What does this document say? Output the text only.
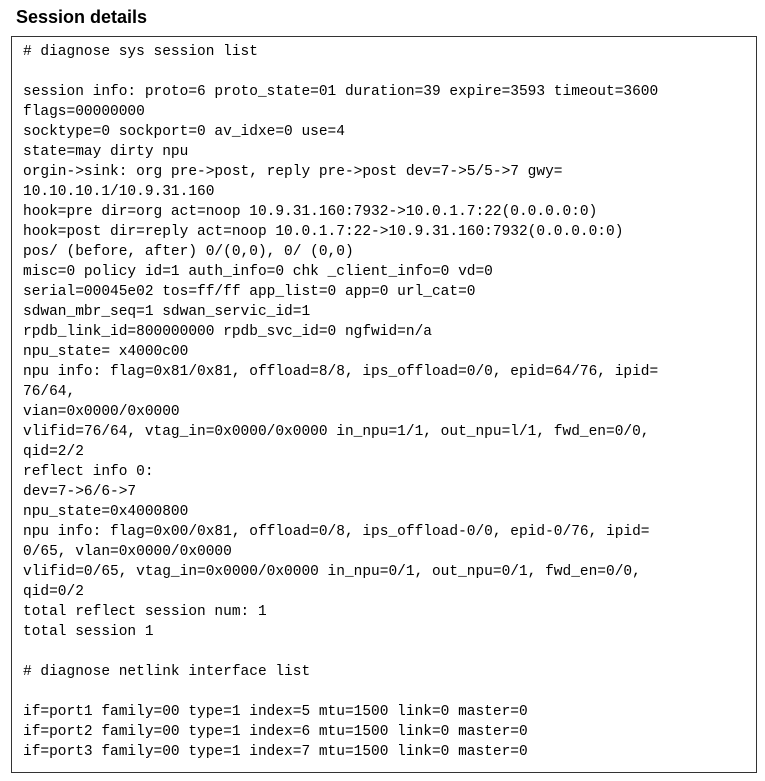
Session details
# diagnose sys session list
session info: proto=6 proto_state=01 duration=39 expire=3593 timeout=3600
flags=00000000
socktype=0 sockport=0 av_idxe=0 use=4
state=may dirty npu
orgin->sink: org pre->post, reply pre->post dev=7->5/5->7 gwy=
10.10.10.1/10.9.31.160
hook=pre dir=org act=noop 10.9.31.160:7932->10.0.1.7:22(0.0.0.0:0)
hook=post dir=reply act=noop 10.0.1.7:22->10.9.31.160:7932(0.0.0.0:0)
pos/ (before, after) 0/(0,0), 0/ (0,0)
misc=0 policy id=1 auth_info=0 chk _client_info=0 vd=0
serial=00045e02 tos=ff/ff app_list=0 app=0 url_cat=0
sdwan_mbr_seq=1 sdwan_servic_id=1
rpdb_link_id=800000000 rpdb_svc_id=0 ngfwid=n/a
npu_state= x4000c00
npu info: flag=0x81/0x81, offload=8/8, ips_offload=0/0, epid=64/76, ipid=
76/64,
vian=0x0000/0x0000
vlifid=76/64, vtag_in=0x0000/0x0000 in_npu=1/1, out_npu=l/1, fwd_en=0/0,
qid=2/2
reflect info 0:
dev=7->6/6->7
npu_state=0x4000800
npu info: flag=0x00/0x81, offload=0/8, ips_offload-0/0, epid-0/76, ipid=
0/65, vlan=0x0000/0x0000
vlifid=0/65, vtag_in=0x0000/0x0000 in_npu=0/1, out_npu=0/1, fwd_en=0/0,
qid=0/2
total reflect session num: 1
total session 1
# diagnose netlink interface list
if=port1 family=00 type=1 index=5 mtu=1500 link=0 master=0
if=port2 family=00 type=1 index=6 mtu=1500 link=0 master=0
if=port3 family=00 type=1 index=7 mtu=1500 link=0 master=0
